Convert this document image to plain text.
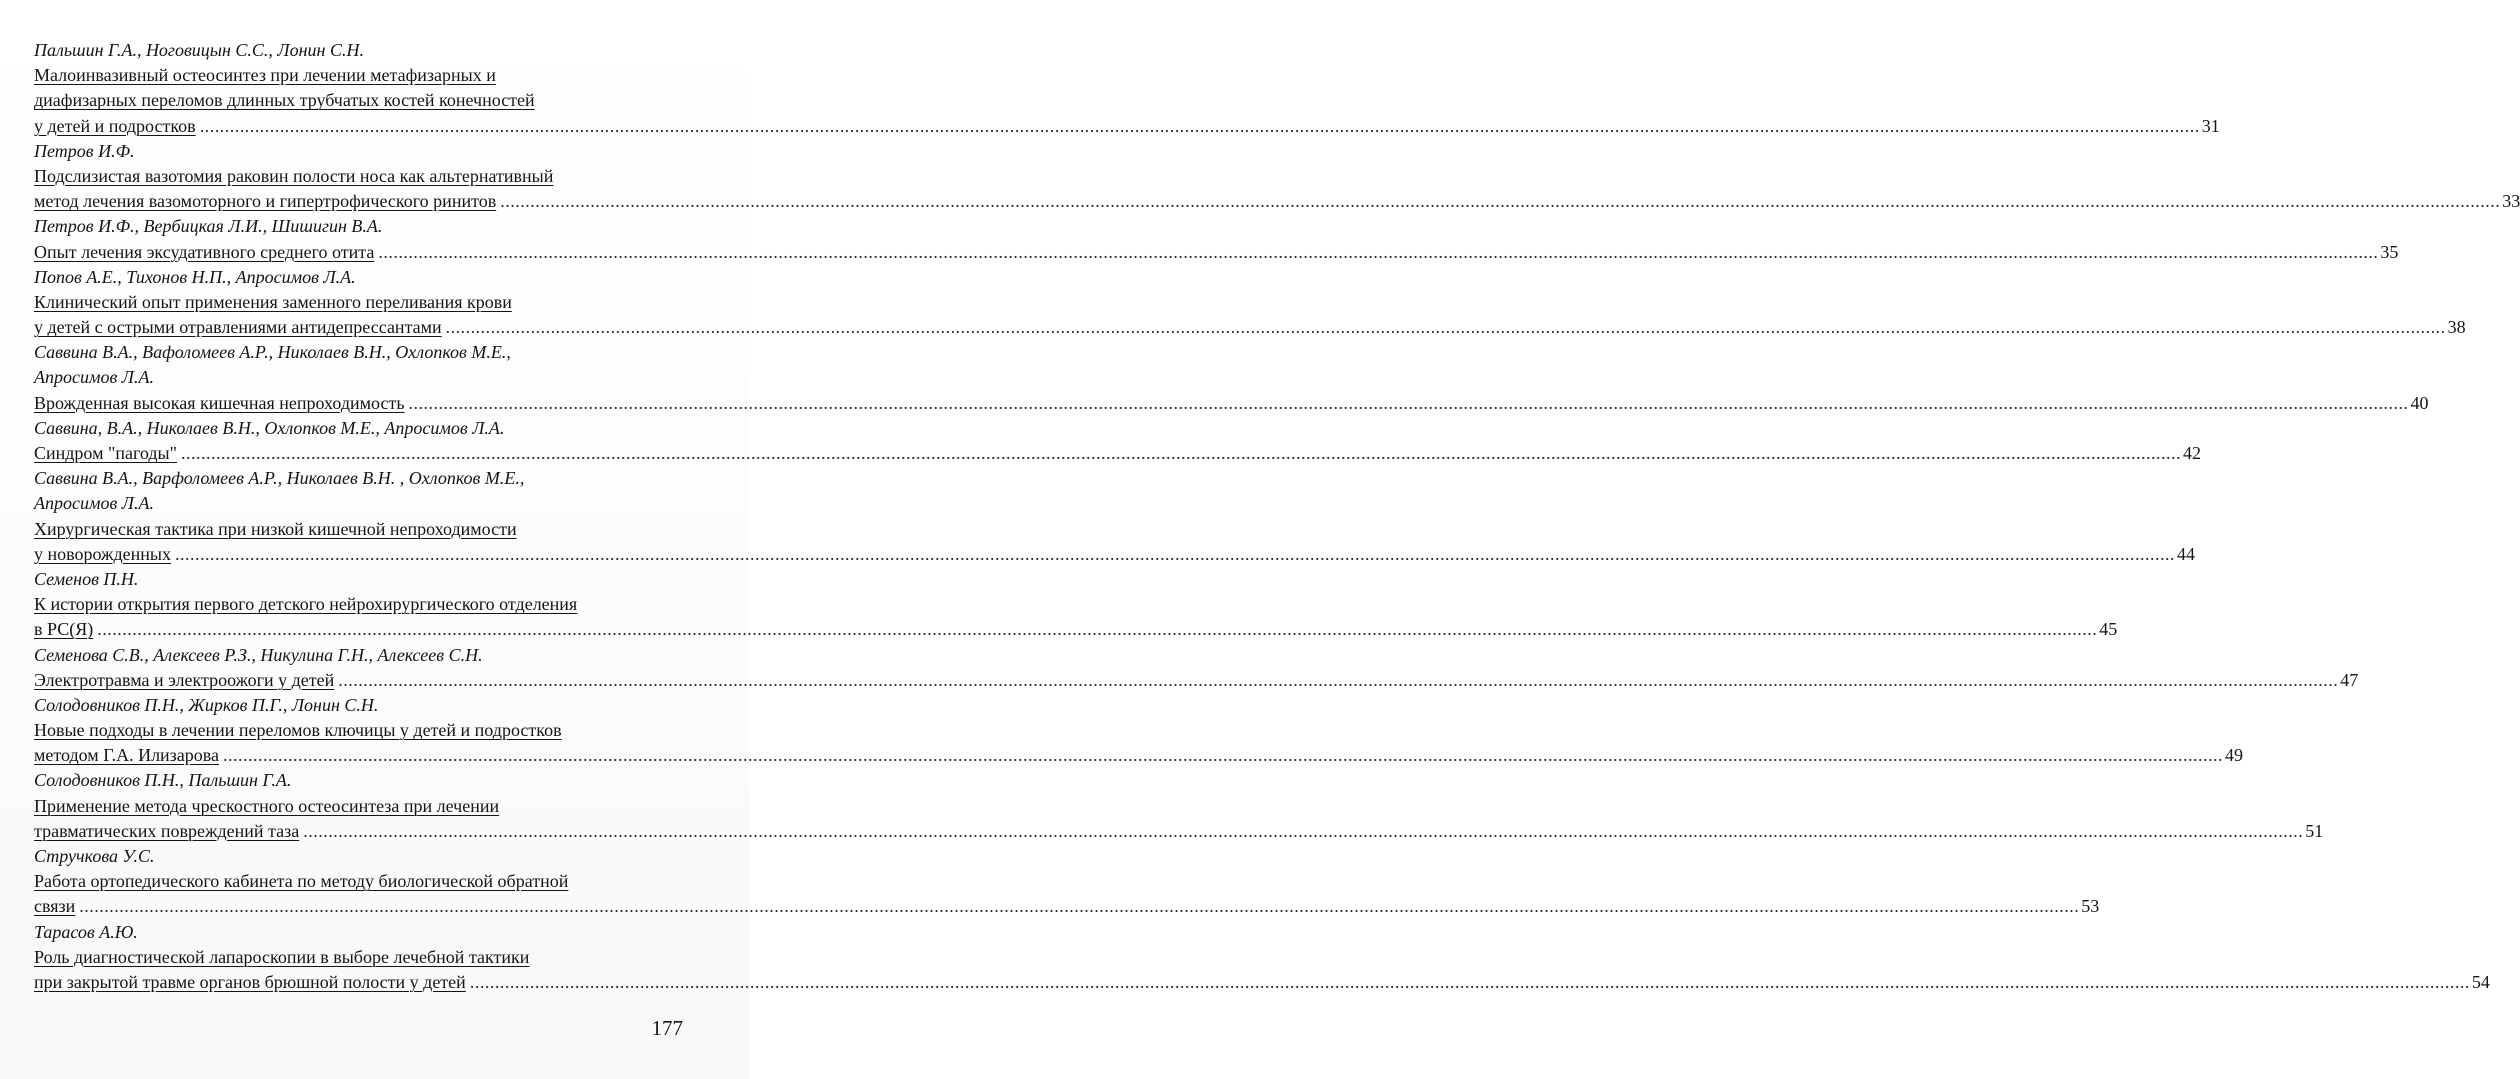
Пальшин Г.А., Ноговицын С.С., Лонин С.Н.
Малоинвазивный остеосинтез при лечении метафизарных и
диафизарных переломов длинных трубчатых костей конечностей
у детей и подростков ................................................................................................................................................................................................................................................................................................................................................................................................................ 31
Петров И.Ф.
Подслизистая вазотомия раковин полости носа как альтернативный
метод лечения вазомоторного и гипертрофического ринитов ................................................................................................................................................................................................................................................................................................................................................................................................................ 33
Петров И.Ф., Вербицкая Л.И., Шишигин В.А.
Опыт лечения эксудативного среднего отита ................................................................................................................................................................................................................................................................................................................................................................................................................ 35
Попов А.Е., Тихонов Н.П., Апросимов Л.А.
Клинический опыт применения заменного переливания крови
у детей с острыми отравлениями антидепрессантами ................................................................................................................................................................................................................................................................................................................................................................................................................ 38
Саввина В.А., Вафоломеев А.Р., Николаев В.Н., Охлопков М.Е.,
Апросимов Л.А.
Врожденная высокая кишечная непроходимость ................................................................................................................................................................................................................................................................................................................................................................................................................ 40
Саввина, В.А., Николаев В.Н., Охлопков М.Е., Апросимов Л.А.
Синдром "пагоды" ................................................................................................................................................................................................................................................................................................................................................................................................................ 42
Саввина В.А., Варфоломеев А.Р., Николаев В.Н. , Охлопков М.Е.,
Апросимов Л.А.
Хирургическая тактика при низкой кишечной непроходимости
у новорожденных ................................................................................................................................................................................................................................................................................................................................................................................................................ 44
Семенов П.Н.
К истории открытия первого детского нейрохирургического отделения
в РС(Я) ................................................................................................................................................................................................................................................................................................................................................................................................................ 45
Семенова С.В., Алексеев Р.З., Никулина Г.Н., Алексеев С.Н.
Электротравма и электроожоги у детей ................................................................................................................................................................................................................................................................................................................................................................................................................ 47
Солодовников П.Н., Жирков П.Г., Лонин С.Н.
Новые подходы в лечении переломов ключицы у детей и подростков
методом Г.А. Илизарова ................................................................................................................................................................................................................................................................................................................................................................................................................ 49
Солодовников П.Н., Пальшин Г.А.
Применение метода чрескостного остеосинтеза при лечении
травматических повреждений таза ................................................................................................................................................................................................................................................................................................................................................................................................................ 51
Стручкова У.С.
Работа ортопедического кабинета по методу биологической обратной
связи ................................................................................................................................................................................................................................................................................................................................................................................................................ 53
Тарасов А.Ю.
Роль диагностической лапароскопии в выборе лечебной тактики
при закрытой травме органов брюшной полости у детей ................................................................................................................................................................................................................................................................................................................................................................................................................ 54
177
